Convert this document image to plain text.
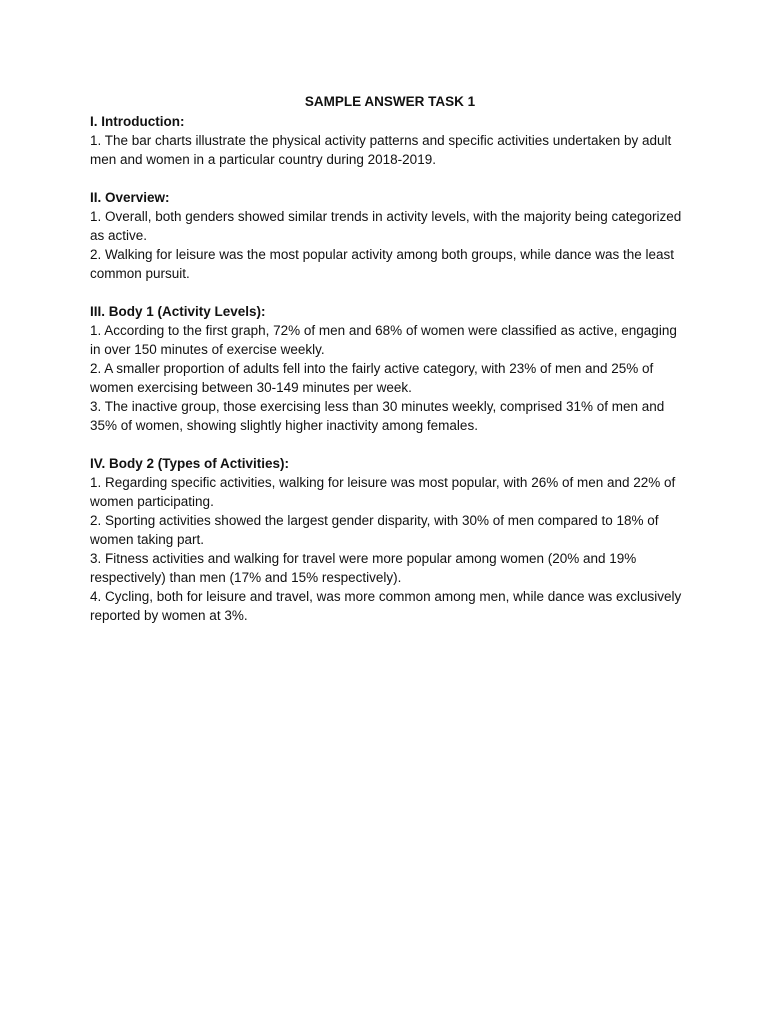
SAMPLE ANSWER TASK 1
I. Introduction:

1. The bar charts illustrate the physical activity patterns and specific activities undertaken by adult men and women in a particular country during 2018-2019.

II. Overview:

1. Overall, both genders showed similar trends in activity levels, with the majority being categorized as active.

2. Walking for leisure was the most popular activity among both groups, while dance was the least common pursuit.

III. Body 1 (Activity Levels):

1. According to the first graph, 72% of men and 68% of women were classified as active, engaging in over 150 minutes of exercise weekly.

2. A smaller proportion of adults fell into the fairly active category, with 23% of men and 25% of women exercising between 30-149 minutes per week.

3. The inactive group, those exercising less than 30 minutes weekly, comprised 31% of men and 35% of women, showing slightly higher inactivity among females.

IV. Body 2 (Types of Activities):

1. Regarding specific activities, walking for leisure was most popular, with 26% of men and 22% of women participating.

2. Sporting activities showed the largest gender disparity, with 30% of men compared to 18% of women taking part.

3. Fitness activities and walking for travel were more popular among women (20% and 19% respectively) than men (17% and 15% respectively).

4. Cycling, both for leisure and travel, was more common among men, while dance was exclusively reported by women at 3%.
